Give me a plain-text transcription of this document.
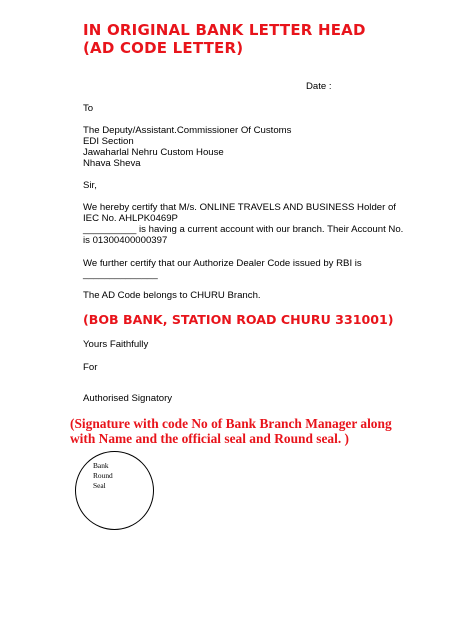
IN ORIGINAL BANK LETTER HEAD
(AD CODE LETTER)
Date :
To
The Deputy/Assistant.Commissioner Of Customs
EDI Section
Jawaharlal Nehru Custom House
Nhava Sheva
Sir,
We hereby certify that M/s. ONLINE TRAVELS AND BUSINESS Holder of
IEC No. AHLPK0469P
__________ is having a current account with our branch. Their Account No.
is 01300400000397
We further certify that our Authorize Dealer Code issued by RBI is
______________
The AD Code belongs to CHURU Branch.
(BOB BANK, STATION ROAD CHURU 331001)
Yours Faithfully
For
Authorised Signatory
(Signature with code No of Bank Branch Manager along
with Name and the official seal and Round seal. )
Bank
Round
Seal
